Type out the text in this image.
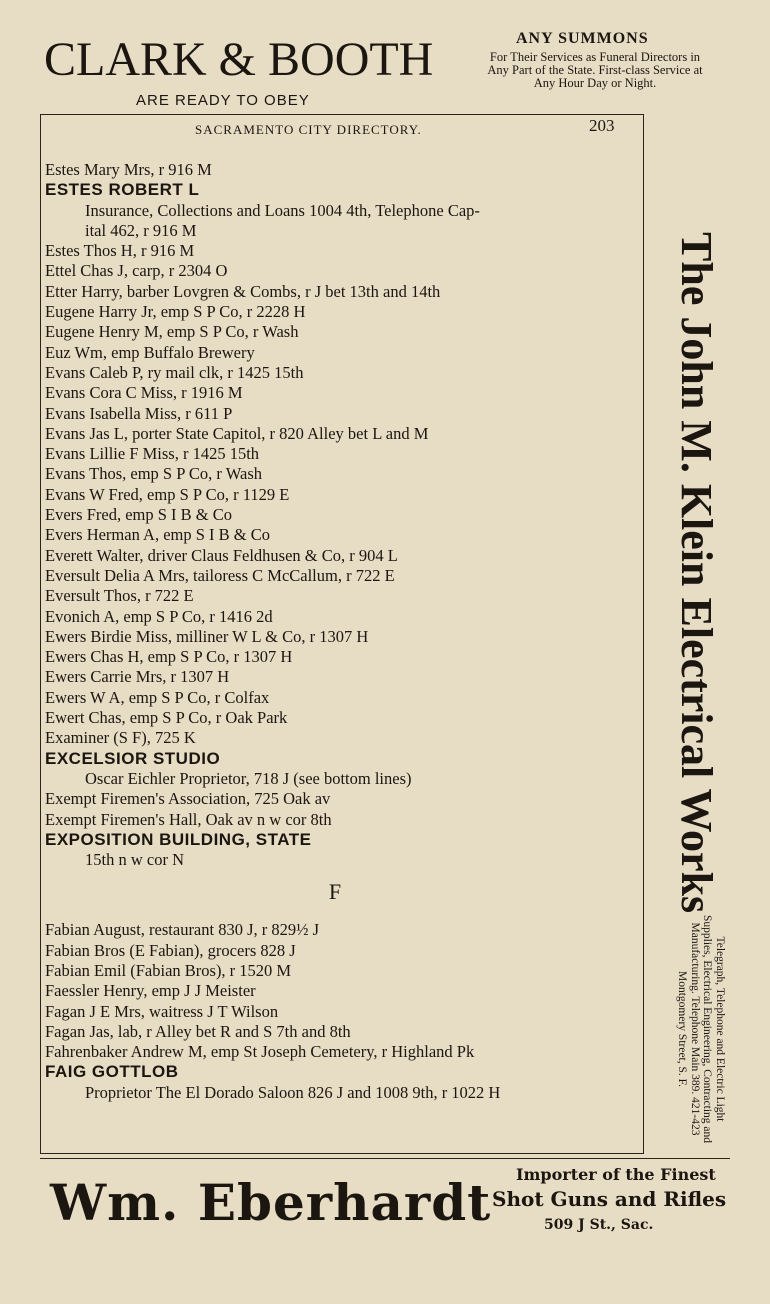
CLARK & BOOTH
ARE READY TO OBEY
ANY SUMMONS
For Their Services as Funeral Directors in Any Part of the State. First-class Service at Any Hour Day or Night.
SACRAMENTO CITY DIRECTORY.	203
Estes Mary Mrs, r 916 M
ESTES ROBERT L
Insurance, Collections and Loans 1004 4th, Telephone Cap-
ital 462, r 916 M
Estes Thos H, r 916 M
Ettel Chas J, carp, r 2304 O
Etter Harry, barber Lovgren & Combs, r J bet 13th and 14th
Eugene Harry Jr, emp S P Co, r 2228 H
Eugene Henry M, emp S P Co, r Wash
Euz Wm, emp Buffalo Brewery
Evans Caleb P, ry mail clk, r 1425 15th
Evans Cora C Miss, r 1916 M
Evans Isabella Miss, r 611 P
Evans Jas L, porter State Capitol, r 820 Alley bet L and M
Evans Lillie F Miss, r 1425 15th
Evans Thos, emp S P Co, r Wash
Evans W Fred, emp S P Co, r 1129 E
Evers Fred, emp S I B & Co
Evers Herman A, emp S I B & Co
Everett Walter, driver Claus Feldhusen & Co, r 904 L
Eversult Delia A Mrs, tailoress C McCallum, r 722 E
Eversult Thos, r 722 E
Evonich A, emp S P Co, r 1416 2d
Ewers Birdie Miss, milliner W L & Co, r 1307 H
Ewers Chas H, emp S P Co, r 1307 H
Ewers Carrie Mrs, r 1307 H
Ewers W A, emp S P Co, r Colfax
Ewert Chas, emp S P Co, r Oak Park
Examiner (S F), 725 K
EXCELSIOR STUDIO
Oscar Eichler Proprietor, 718 J (see bottom lines)
Exempt Firemen's Association, 725 Oak av
Exempt Firemen's Hall, Oak av n w cor 8th
EXPOSITION BUILDING, STATE
15th n w cor N
F
Fabian August, restaurant 830 J, r 829½ J
Fabian Bros (E Fabian), grocers 828 J
Fabian Emil (Fabian Bros), r 1520 M
Faessler Henry, emp J J Meister
Fagan J E Mrs, waitress J T Wilson
Fagan Jas, lab, r Alley bet R and S 7th and 8th
Fahrenbaker Andrew M, emp St Joseph Cemetery, r Highland Pk
FAIG GOTTLOB
Proprietor The El Dorado Saloon 826 J and 1008 9th, r 1022 H
The John M. Klein Electrical Works
Telegraph, Telephone and Electric Light Supplies, Electrical Engineering, Contracting and Manufacturing. Telephone Main 389. 421-423 Montgomery Street, S. F.
Wm. Eberhardt Importer of the Finest
Shot Guns and Rifles
509 J St., Sac.
